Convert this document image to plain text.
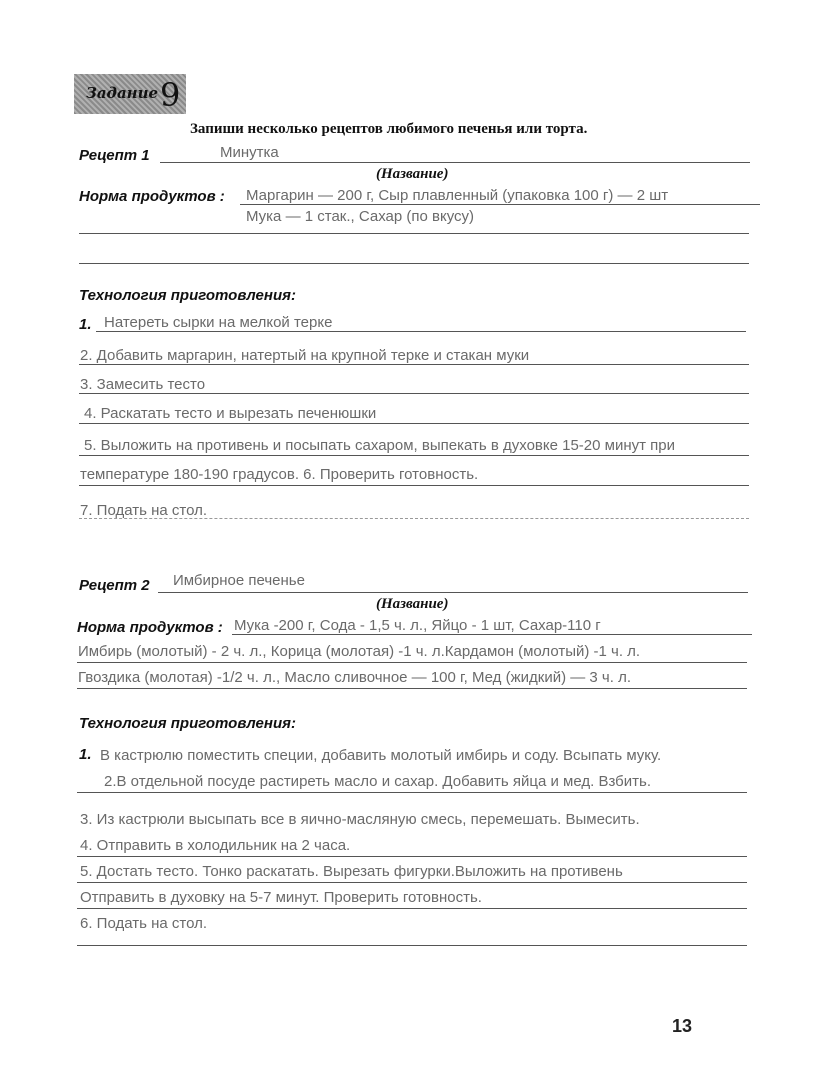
Задание 9
Запиши несколько рецептов любимого печенья или торта.
Рецепт 1	Минутка
(Название)
Норма продуктов : Маргарин — 200 г, Сыр плавленный (упаковка 100 г) — 2 шт
Мука — 1 стак., Сахар (по вкусу)
Технология приготовления:
1. Натереть сырки на мелкой терке
2. Добавить маргарин, натертый на крупной терке и стакан муки
3. Замесить тесто
4. Раскатать тесто и вырезать печенюшки
5. Выложить на противень и посыпать сахаром, выпекать в духовке 15-20 минут при
температуре 180-190 градусов. 6. Проверить готовность.
7. Подать на стол.
Рецепт 2 Имбирное печенье
(Название)
Норма продуктов : Мука -200 г, Сода - 1,5 ч. л., Яйцо - 1 шт, Сахар-110 г
Имбирь (молотый) - 2 ч. л., Корица (молотая) -1 ч. л.Кардамон (молотый) -1 ч. л.
Гвоздика (молотая) -1/2 ч. л., Масло сливочное — 100 г, Мед (жидкий) — 3 ч. л.
Технология приготовления:
1. В кастрюлю поместить специи, добавить молотый имбирь и соду. Всыпать муку.
2.В отдельной посуде растиреть масло и сахар. Добавить яйца и мед. Взбить.
3. Из кастрюли высыпать все в яично-масляную смесь, перемешать. Вымесить.
4. Отправить в холодильник на 2 часа.
5. Достать тесто. Тонко раскатать. Вырезать фигурки.Выложить на противень
Отправить в духовку на 5-7 минут. Проверить готовность.
6. Подать на стол.
13
